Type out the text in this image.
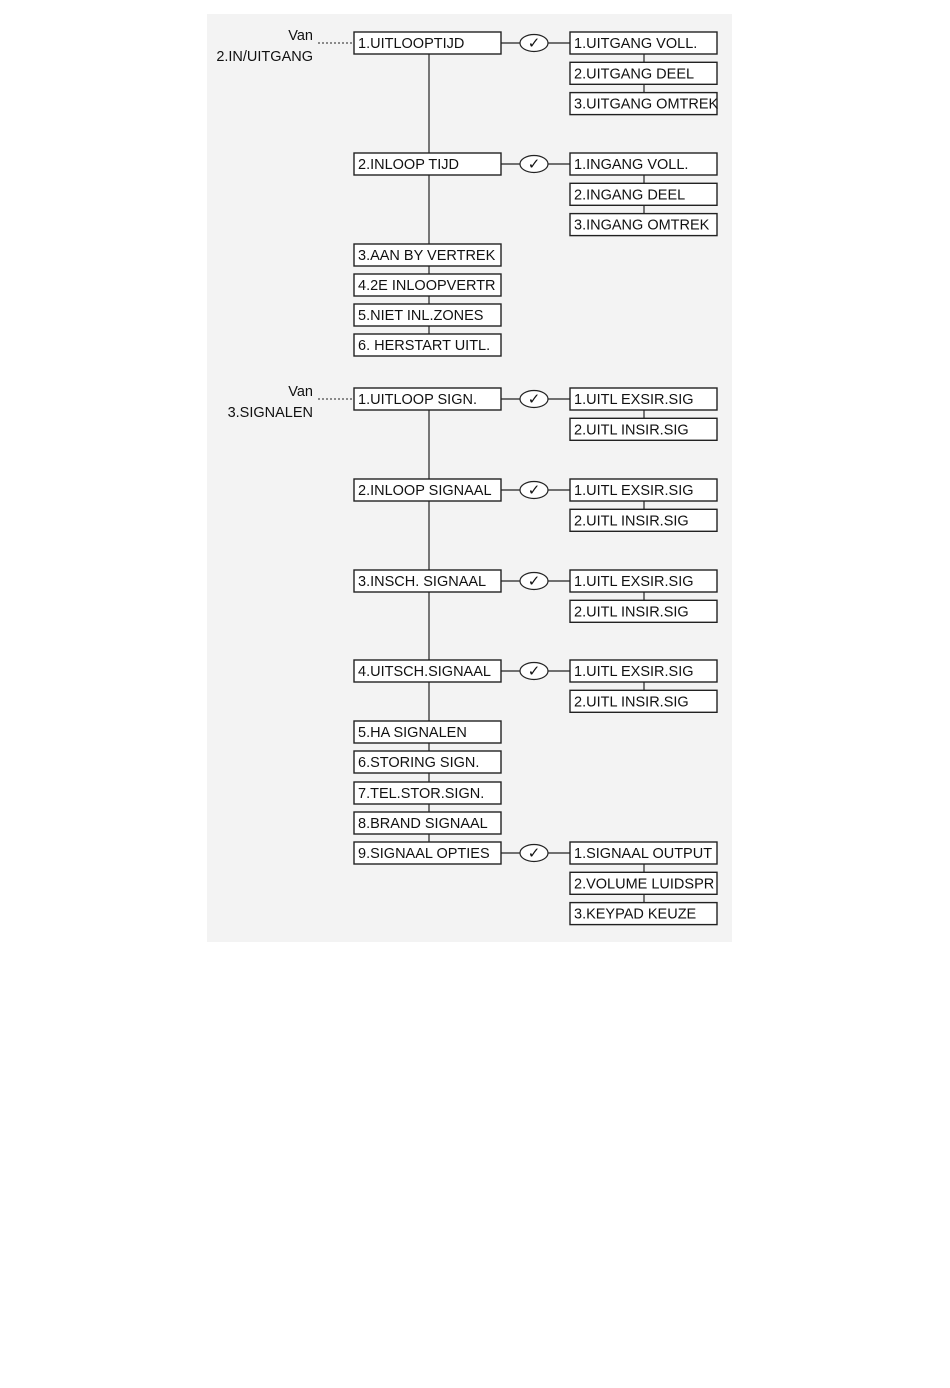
Van
2.IN/UITGANG
1.UITLOOPTIJD	✓ 1.UITGANG VOLL.
2.UITGANG DEEL
3.UITGANG OMTREK
2.INLOOP TIJD	✓ 1.INGANG VOLL.
2.INGANG DEEL
3.INGANG OMTREK
3.AAN BY VERTREK
4.2E INLOOPVERTR
5.NIET INL.ZONES
6. HERSTART UITL.
Van
3.SIGNALEN
1.UITLOOP SIGN.	✓ 1.UITL EXSIR.SIG
2.UITL INSIR.SIG
2.INLOOP SIGNAAL ✓ 1.UITL EXSIR.SIG
2.UITL INSIR.SIG
3.INSCH. SIGNAAL	✓ 1.UITL EXSIR.SIG
2.UITL INSIR.SIG
4.UITSCH.SIGNAAL ✓ 1.UITL EXSIR.SIG
2.UITL INSIR.SIG
5.HA SIGNALEN
6.STORING SIGN.
7.TEL.STOR.SIGN.
8.BRAND SIGNAAL
9.SIGNAAL OPTIES	✓ 1.SIGNAAL OUTPUT
2.VOLUME LUIDSPR
3.KEYPAD KEUZE
